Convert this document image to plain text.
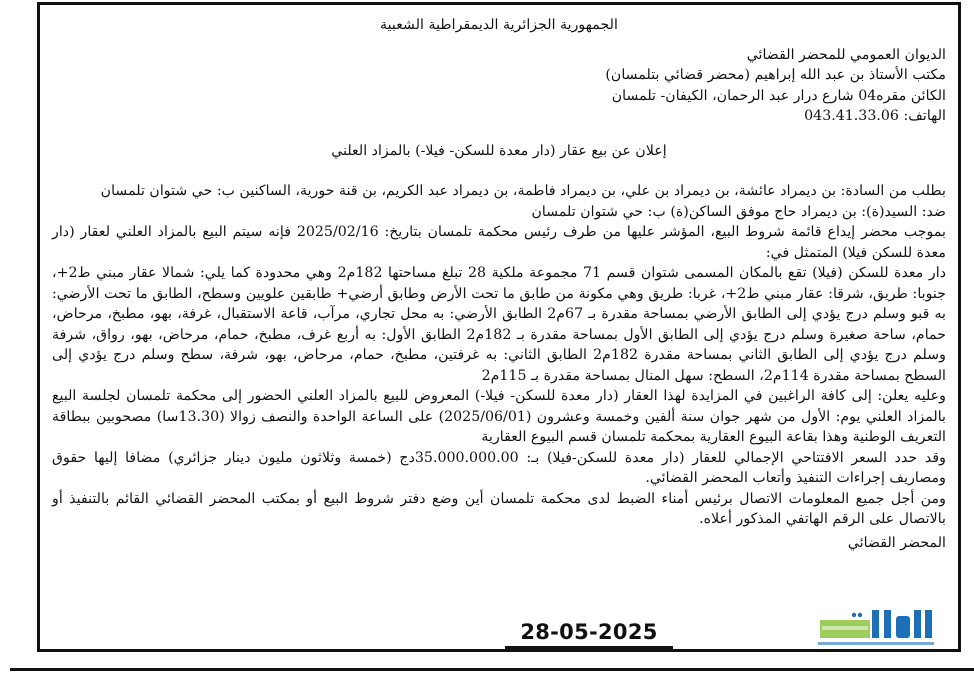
الجمهورية الجزائرية الديمقراطية الشعبية

الديوان العمومي للمحضر القضائي

مكتب الأستاذ بن عبد الله إبراهيم (محضر قضائي بتلمسان)

الكائن مقره04 شارع درار عبد الرحمان، الكيفان- تلمسان

الهاتف: 043.41.33.06

إعلان عن بيع عقار (دار معدة للسكن- فيلا-) بالمزاد العلني

بطلب من السادة: بن ديمراد عائشة، بن ديمراد بن علي، بن ديمراد فاطمة، بن ديمراد عبد الكريم، بن قنة حورية، الساكنين ب: حي شتوان تلمسان

ضد: السيد(ة): بن ديمراد حاج موفق الساكن(ة) ب: حي شتوان تلمسان

بموجب محضر إيداع قائمة شروط البيع، المؤشر عليها من طرف رئيس محكمة تلمسان بتاريخ: 2025/02/16 فإنه سيتم البيع بالمزاد العلني لعقار (دار معدة للسكن فيلا) المتمثل في:

دار معدة للسكن (فيلا) تقع بالمكان المسمى شتوان قسم 71 مجموعة ملكية 28 تبلغ مساحتها 182م2 وهي محدودة كما يلي: شمالا عقار مبني ط2+، جنوبا: طريق، شرقا: عقار مبني ط2+، غربا: طريق وهي مكونة من طابق ما تحت الأرض وطابق أرضي+ طابقين علويين وسطح، الطابق ما تحت الأرضي: به قبو وسلم درج يؤدي إلى الطابق الأرضي بمساحة مقدرة بـ 67م2 الطابق الأرضي: به محل تجاري، مرآب، قاعة الاستقبال، غرفة، بهو، مطبخ، مرحاض، حمام، ساحة صغيرة وسلم درج يؤدي إلى الطابق الأول بمساحة مقدرة بـ 182م2 الطابق الأول: به أربع غرف، مطبخ، حمام، مرحاض، بهو، رواق، شرفة وسلم درج يؤدي إلى الطابق الثاني بمساحة مقدرة 182م2 الطابق الثاني: به غرفتين، مطبخ، حمام، مرحاض، بهو، شرفة، سطح وسلم درج يؤدي إلى السطح بمساحة مقدرة 114م2، السطح: سهل المنال بمساحة مقدرة بـ 115م2

وعليه يعلن: إلى كافة الراغبين في المزايدة لهذا العقار (دار معدة للسكن- فيلا-) المعروض للبيع بالمزاد العلني الحضور إلى محكمة تلمسان لجلسة البيع بالمزاد العلني يوم: الأول من شهر جوان سنة ألفين وخمسة وعشرون (2025/06/01) على الساعة الواحدة والنصف زوالا (13.30سا) مصحوبين ببطاقة التعريف الوطنية وهذا بقاعة البيوع العقارية بمحكمة تلمسان قسم البيوع العقارية

وقد حدد السعر الافتتاحي الإجمالي للعقار (دار معدة للسكن-فيلا) بـ: 35.000.000.00دج (خمسة وثلاثون مليون دينار جزائري) مضافا إليها حقوق ومصاريف إجراءات التنفيذ وأتعاب المحضر القضائي.

ومن أجل جميع المعلومات الاتصال برئيس أمناء الضبط لدى محكمة تلمسان أين وضع دفتر شروط البيع أو بمكتب المحضر القضائي القائم بالتنفيذ أو بالاتصال على الرقم الهاتفي المذكور أعلاه.

المحضر القضائي
28-05-2025
